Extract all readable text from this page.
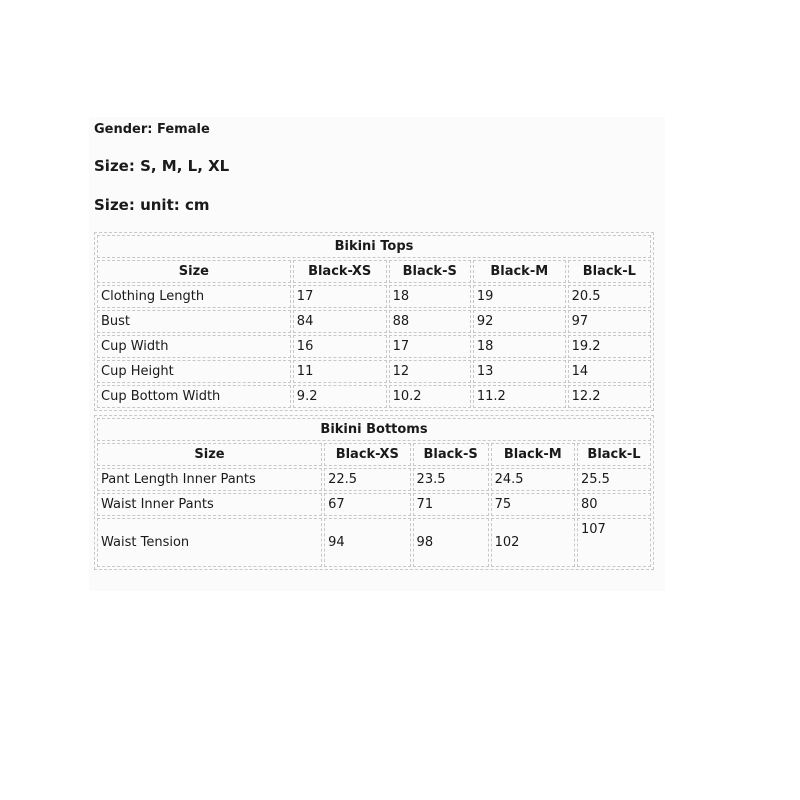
Gender: Female
Size: S, M, L, XL
Size: unit: cm
Bikini Tops				
Size	Black-XS	Black-S	Black-M	Black-L
Clothing Length	17	18	19	20.5
Bust	84	88	92	97
Cup Width	16	17	18	19.2
Cup Height	11	12	13	14
Cup Bottom Width	9.2	10.2	11.2	12.2
Bikini Bottoms				
Size	Black-XS	Black-S	Black-M	Black-L
Pant Length Inner Pants	22.5	23.5	24.5	25.5
Waist Inner Pants	67	71	75	80
Waist Tension	94	98	102	107
